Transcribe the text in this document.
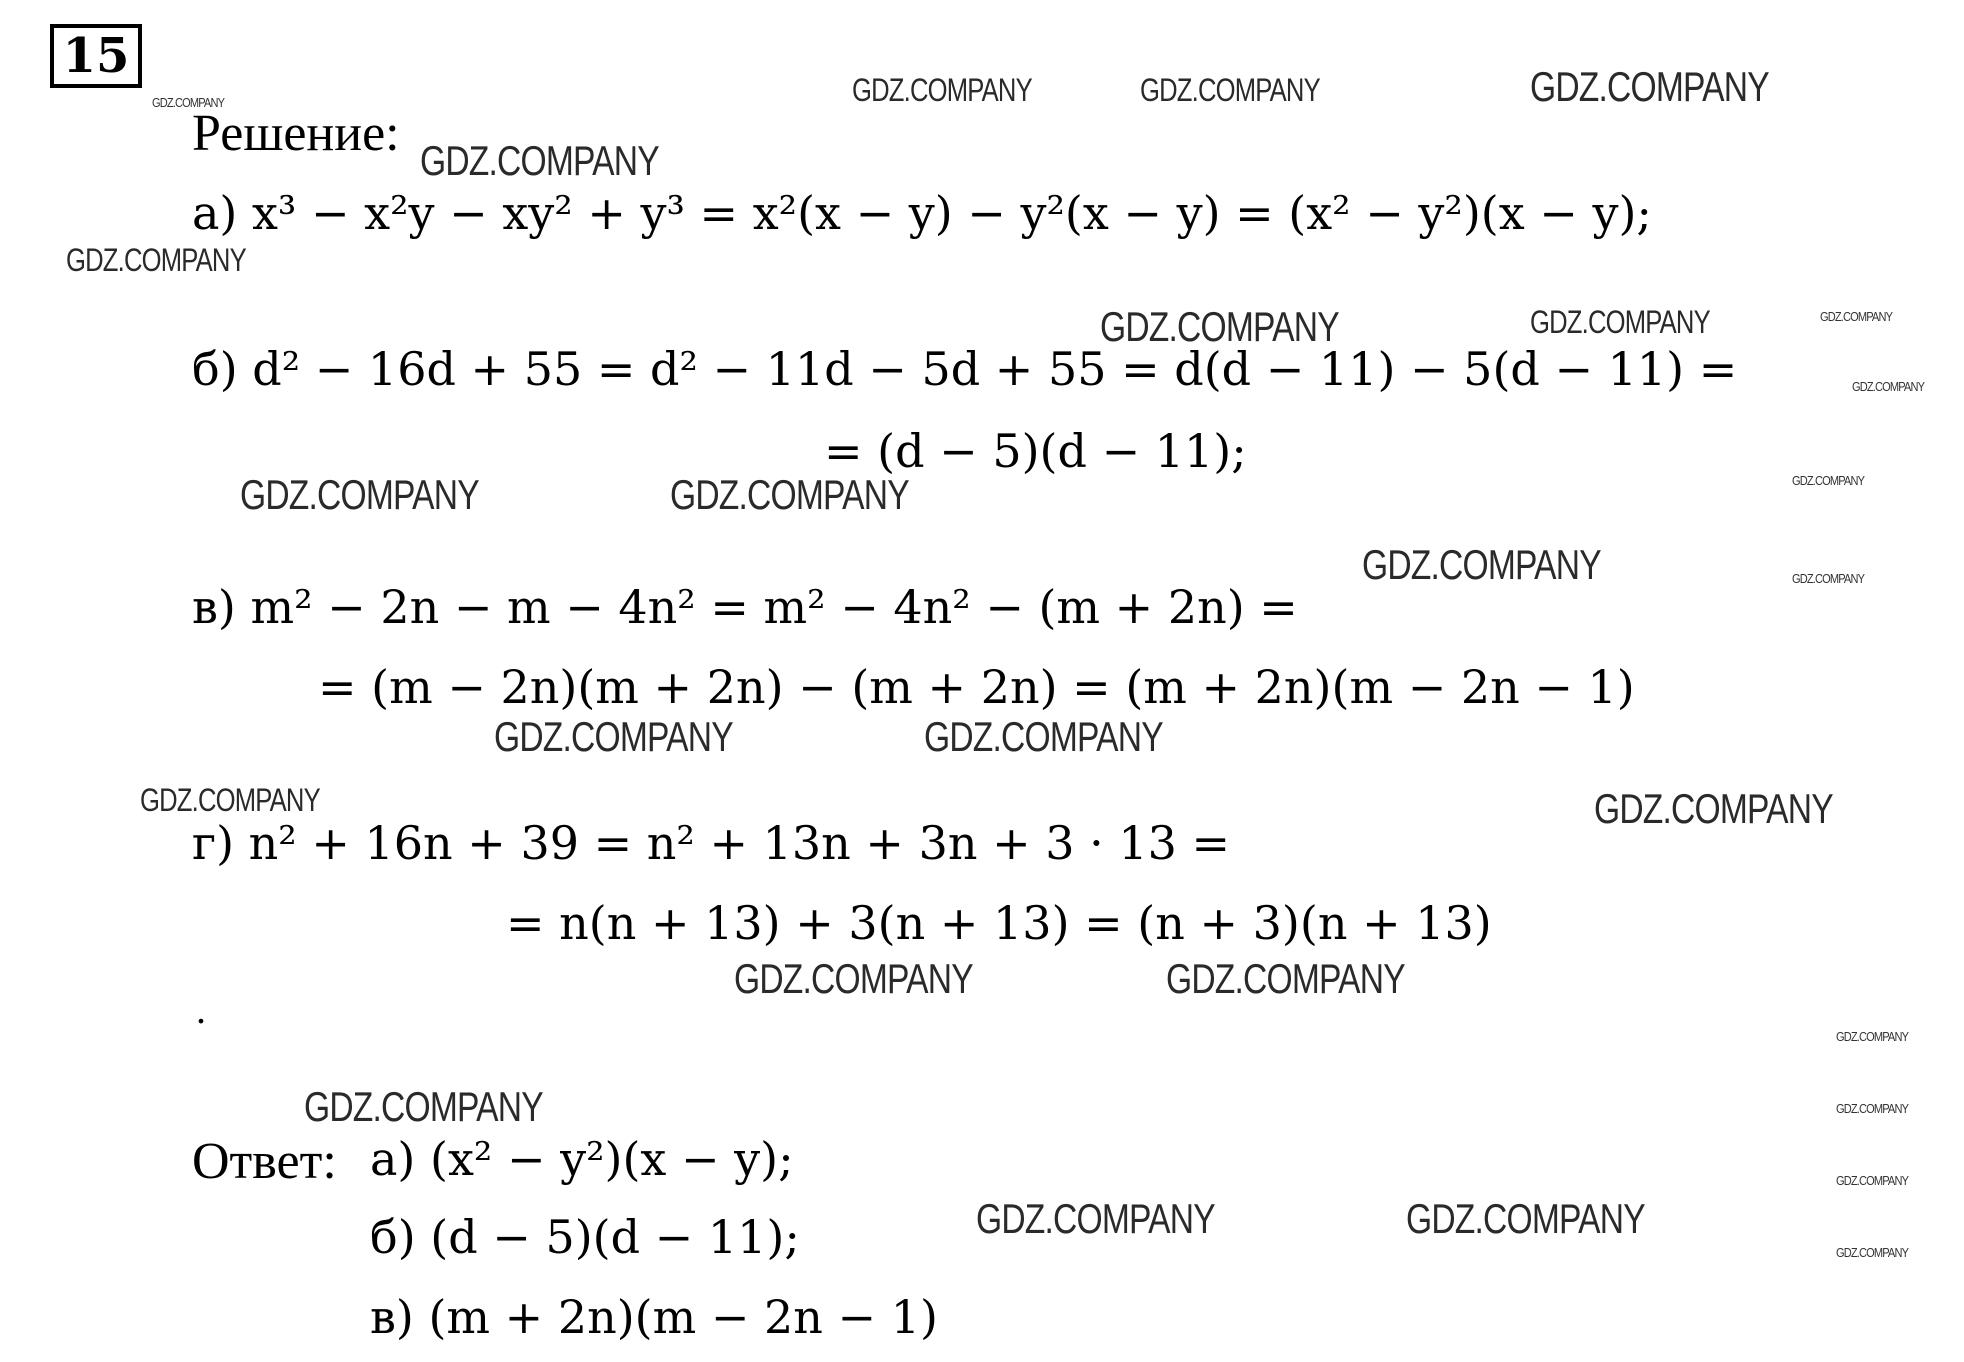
15
Решение:
а) x³ − x²y − xy² + y³ = x²(x − y) − y²(x − y) = (x² − y²)(x − y);
б) d² − 16d + 55 = d² − 11d − 5d + 55 = d(d − 11) − 5(d − 11) =
= (d − 5)(d − 11);
в) m² − 2n − m − 4n² = m² − 4n² − (m + 2n) =
= (m − 2n)(m + 2n) − (m + 2n) = (m + 2n)(m − 2n − 1)
г) n² + 16n + 39 = n² + 13n + 3n + 3 · 13 =
= n(n + 13) + 3(n + 13) = (n + 3)(n + 13)
.
Ответ: а) (x² − y²)(x − y);
б) (d − 5)(d − 11);
в) (m + 2n)(m − 2n − 1)
GDZ.COMPANY	GDZ.COMPANY	GDZ.COMPANY	GDZ.COMPANY
GDZ.COMPANY
GDZ.COMPANY
GDZ.COMPANY	GDZ.COMPANY	GDZ.COMPANY
GDZ.COMPANY
GDZ.COMPANY	GDZ.COMPANY	GDZ.COMPANY
GDZ.COMPANY	GDZ.COMPANY
GDZ.COMPANY	GDZ.COMPANY
GDZ.COMPANY	GDZ.COMPANY
GDZ.COMPANY	GDZ.COMPANY
GDZ.COMPANY
GDZ.COMPANY	GDZ.COMPANY
GDZ.COMPANY
GDZ.COMPANY	GDZ.COMPANY
GDZ.COMPANY
